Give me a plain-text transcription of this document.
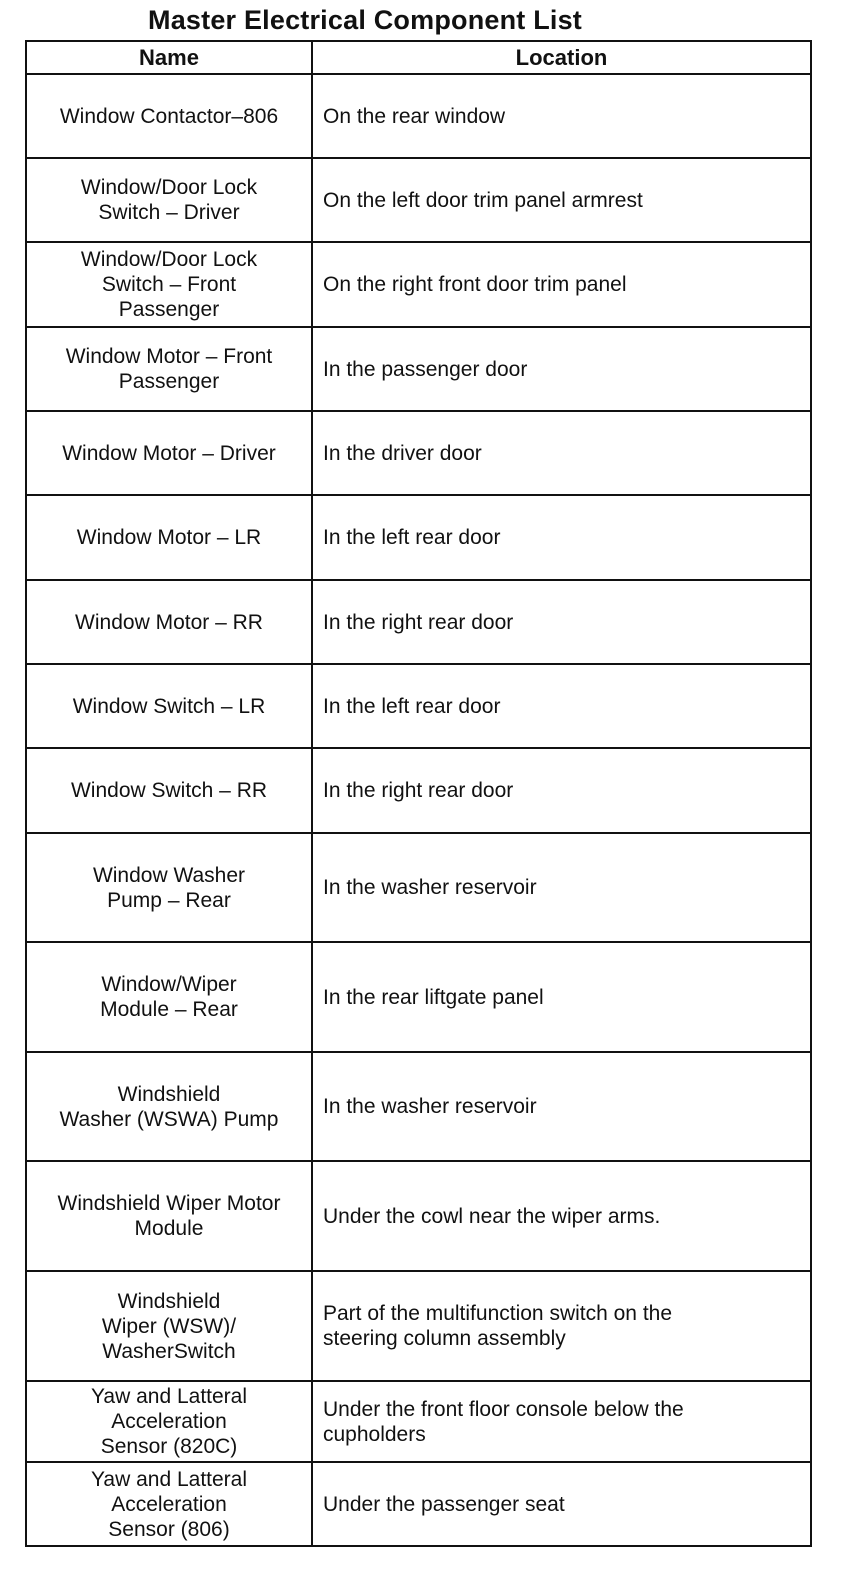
Master Electrical Component List
Name	Location
Window Contactor–806	On the rear window
Window/Door Lock
Switch – Driver	On the left door trim panel armrest
Window/Door Lock
Switch – Front
Passenger	On the right front door trim panel
Window Motor – Front
Passenger	In the passenger door
Window Motor – Driver	In the driver door
Window Motor – LR	In the left rear door
Window Motor – RR	In the right rear door
Window Switch – LR	In the left rear door
Window Switch – RR	In the right rear door
Window Washer
Pump – Rear	In the washer reservoir
Window/Wiper
Module – Rear	In the rear liftgate panel
Windshield
Washer (WSWA) Pump	In the washer reservoir
Windshield Wiper Motor
Module	Under the cowl near the wiper arms.
Windshield
Wiper (WSW)/
WasherSwitch	Part of the multifunction switch on the
steering column assembly
Yaw and Latteral
Acceleration
Sensor (820C)	Under the front floor console below the
cupholders
Yaw and Latteral
Acceleration
Sensor (806)	Under the passenger seat
